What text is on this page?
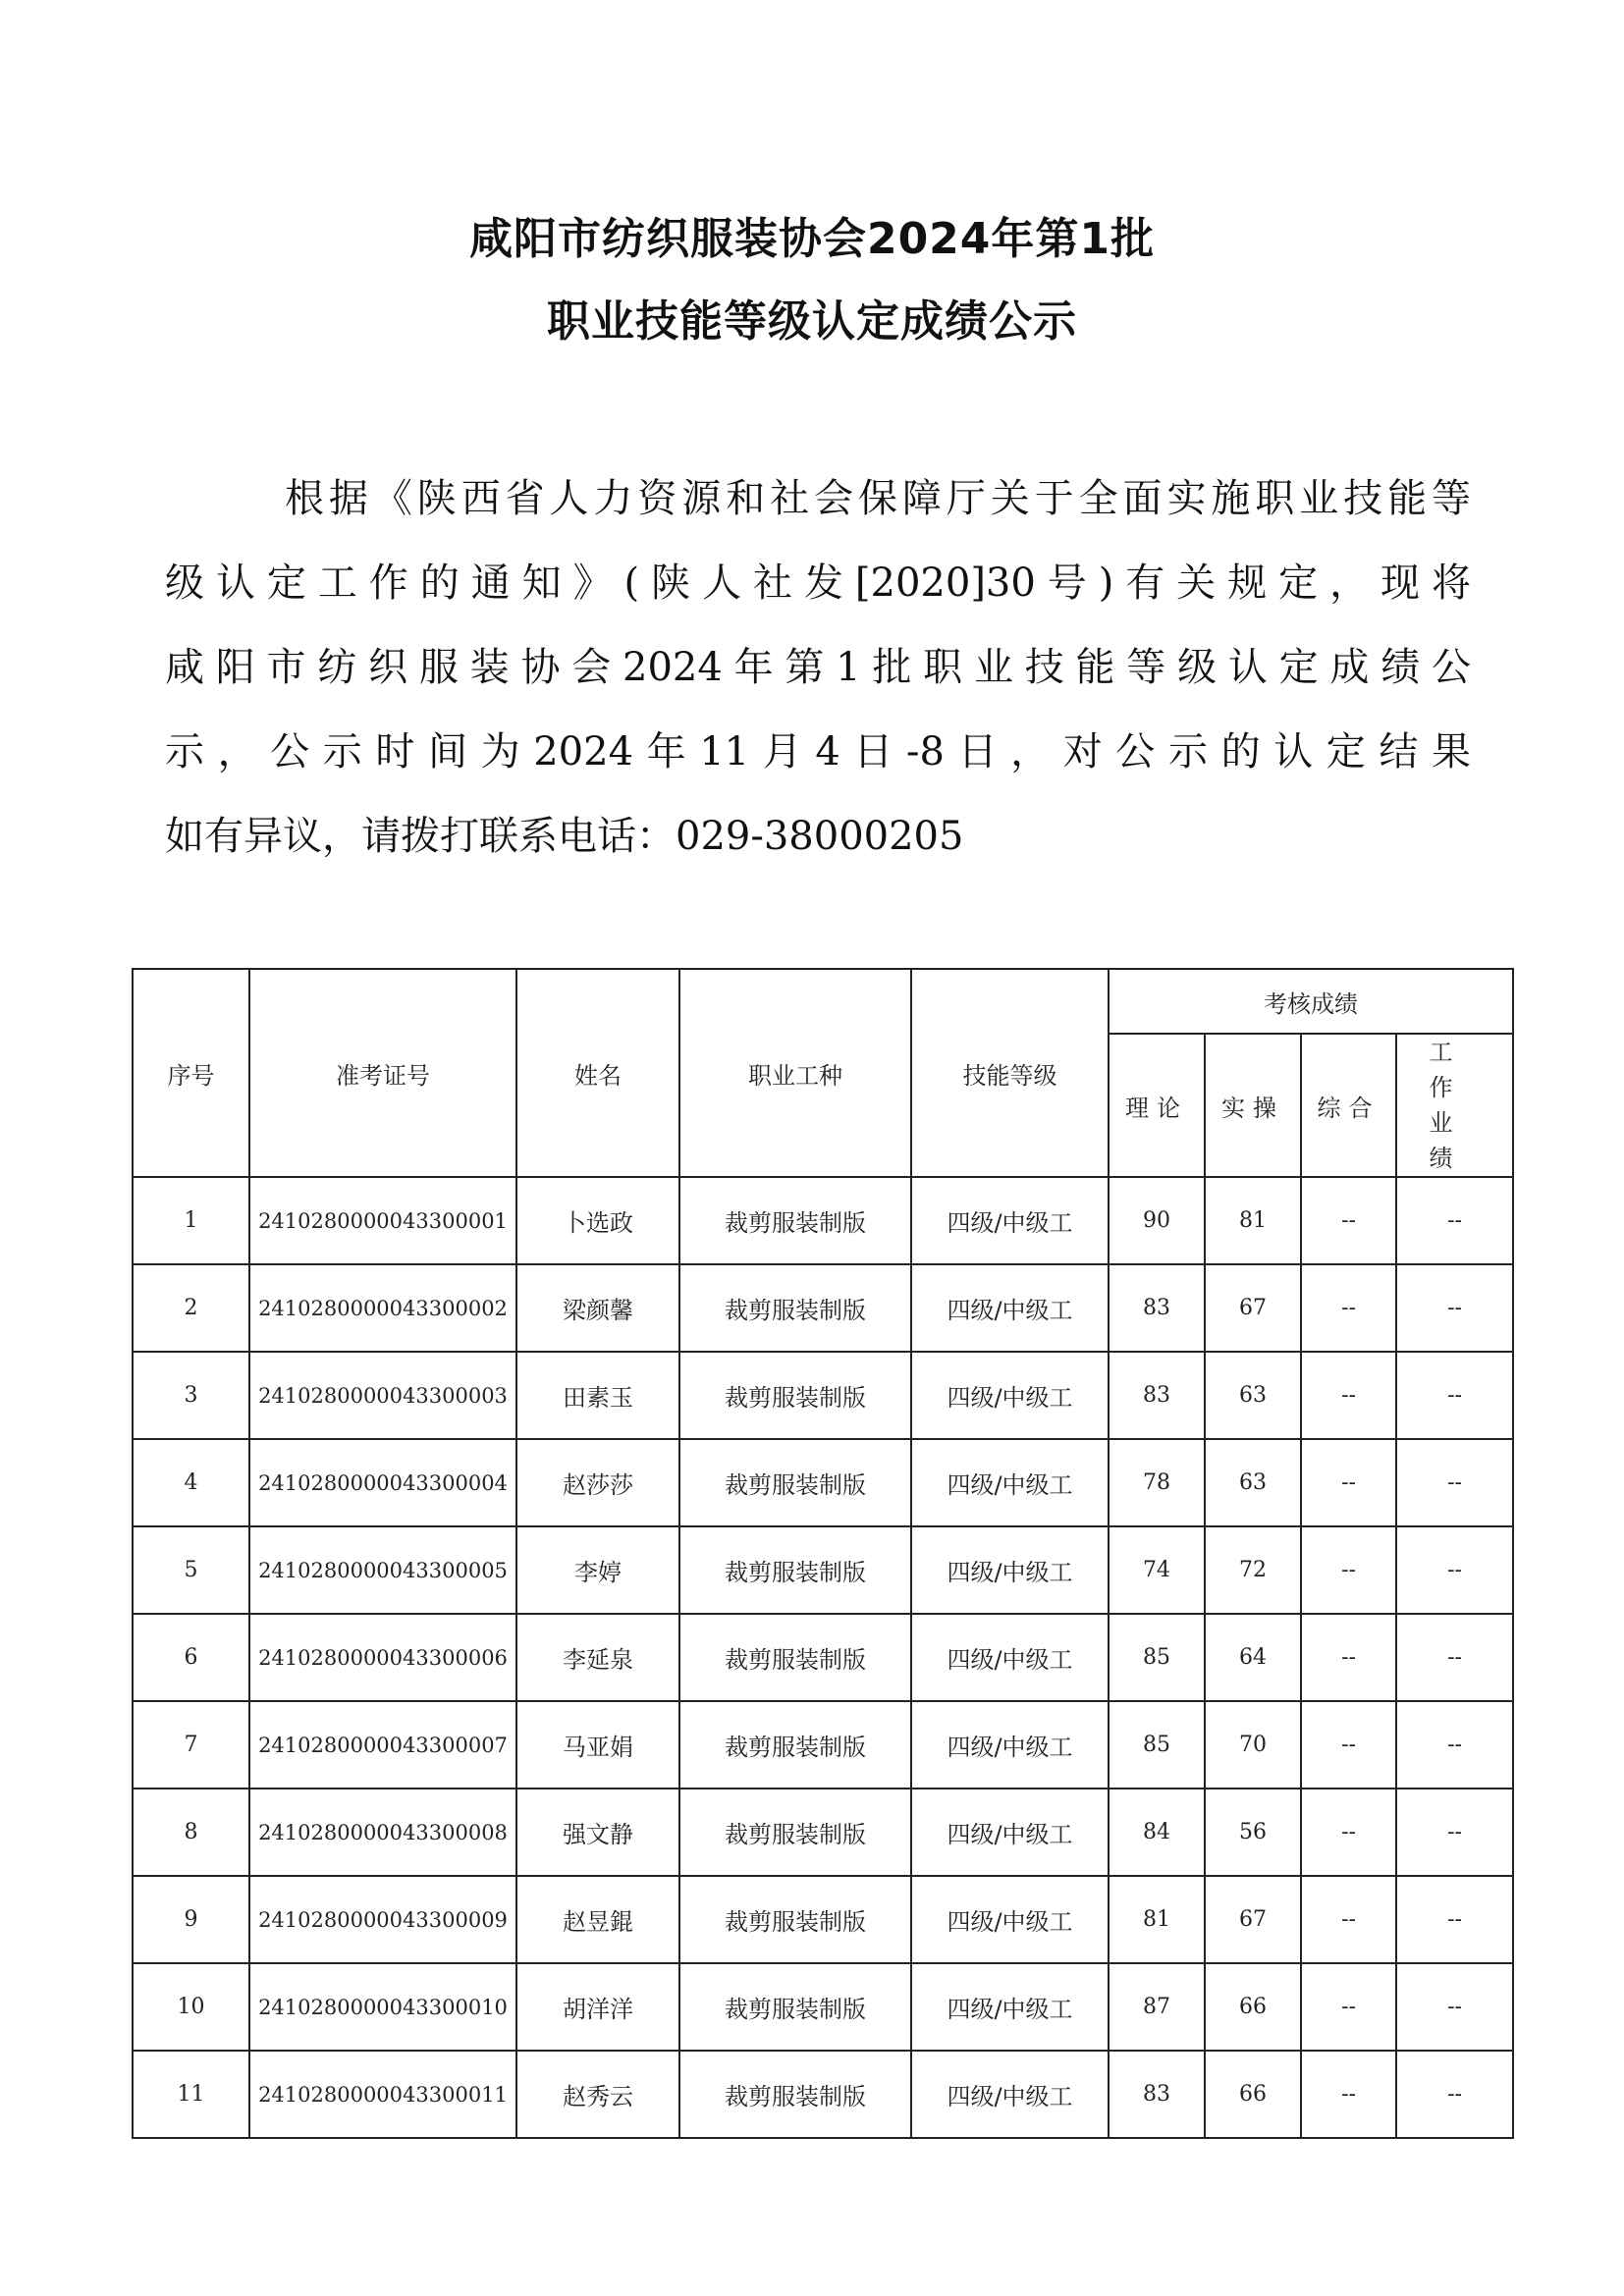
咸阳市纺织服装协会2024年第1批
职业技能等级认定成绩公示
根据《陕西省人力资源和社会保障厅关于全面实施职业技能等
级认定工作的通知》(陕人社发[2020]30号)有关规定，现将
咸阳市纺织服装协会2024年第1批职业技能等级认定成绩公
示，公示时间为2024年11月4日-8日，对公示的认定结果
如有异议，请拨打联系电话：029-38000205
序号	准考证号	姓名	职业工种	技能等级	考核成绩			
					理论	实操	综合	工作业绩
1	2410280000043300001	卜选政	裁剪服装制版	四级/中级工	90	81	--	--
2	2410280000043300002	梁颜馨	裁剪服装制版	四级/中级工	83	67	--	--
3	2410280000043300003	田素玉	裁剪服装制版	四级/中级工	83	63	--	--
4	2410280000043300004	赵莎莎	裁剪服装制版	四级/中级工	78	63	--	--
5	2410280000043300005	李婷	裁剪服装制版	四级/中级工	74	72	--	--
6	2410280000043300006	李延泉	裁剪服装制版	四级/中级工	85	64	--	--
7	2410280000043300007	马亚娟	裁剪服装制版	四级/中级工	85	70	--	--
8	2410280000043300008	强文静	裁剪服装制版	四级/中级工	84	56	--	--
9	2410280000043300009	赵昱錕	裁剪服装制版	四级/中级工	81	67	--	--
10	2410280000043300010	胡洋洋	裁剪服装制版	四级/中级工	87	66	--	--
11	2410280000043300011	赵秀云	裁剪服装制版	四级/中级工	83	66	--	--
